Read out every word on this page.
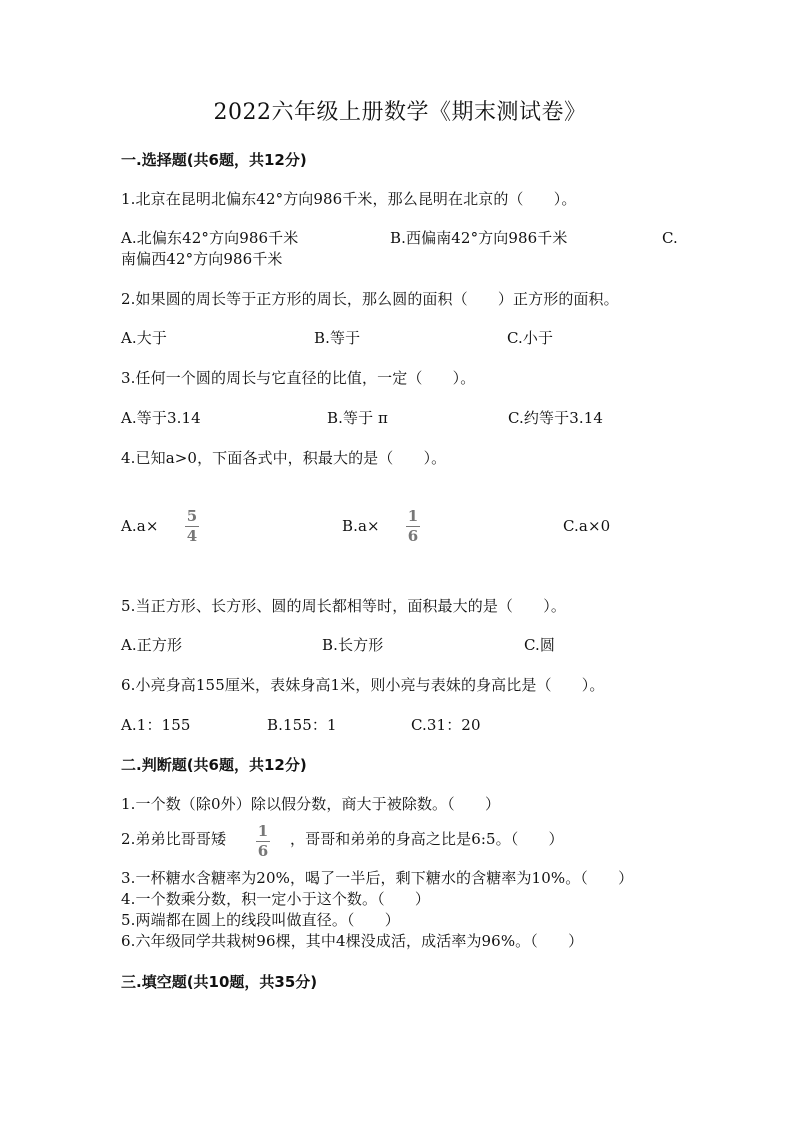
2022六年级上册数学《期末测试卷》
一.选择题(共6题，共12分)
1.北京在昆明北偏东42°方向986千米，那么昆明在北京的（　　）。
A.北偏东42°方向986千米	B.西偏南42°方向986千米	C.
南偏西42°方向986千米
2.如果圆的周长等于正方形的周长，那么圆的面积（　　）正方形的面积。
A.大于	B.等于	C.小于
3.任何一个圆的周长与它直径的比值，一定（　　）。
A.等于3.14	B.等于 π	C.约等于3.14
4.已知a>0，下面各式中，积最大的是（　　）。
A.a×
5
4
B.a×
1
6
C.a×0
5.当正方形、长方形、圆的周长都相等时，面积最大的是（　　）。
A.正方形	B.长方形	C.圆
6.小亮身高155厘米，表妹身高1米，则小亮与表妹的身高比是（　　）。
A.1：155	B.155：1	C.31：20
二.判断题(共6题，共12分)
1.一个数（除0外）除以假分数，商大于被除数。（　　）
2.弟弟比哥哥矮	1
6
，哥哥和弟弟的身高之比是6:5。（　　）
3.一杯糖水含糖率为20%，喝了一半后，剩下糖水的含糖率为10%。（　　）
4.一个数乘分数，积一定小于这个数。（　　）
5.两端都在圆上的线段叫做直径。（　　）
6.六年级同学共栽树96棵，其中4棵没成活，成活率为96%。（　　）
三.填空题(共10题，共35分)
